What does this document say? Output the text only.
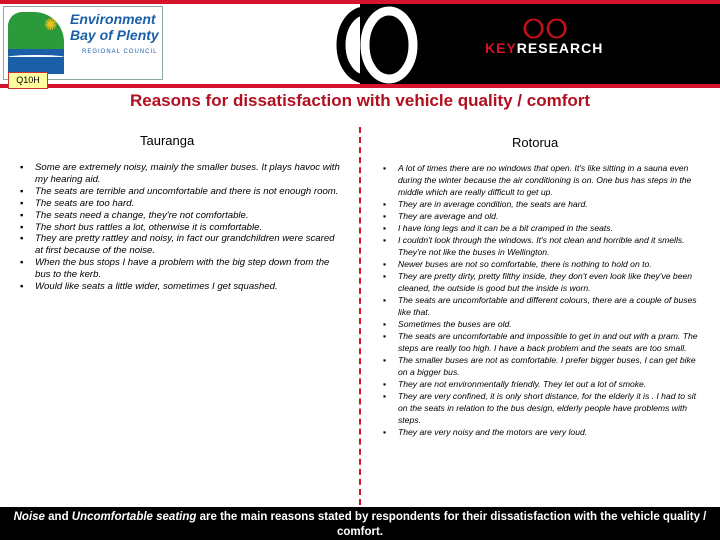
✺ Environment Bay of Plenty
REGIONAL COUNCIL
ⵔⵔ
KEYRESEARCH
Q10H
Reasons for dissatisfaction with vehicle quality / comfort
Tauranga	Rotorua
▪ Some are extremely noisy, mainly the smaller buses. It plays havoc with my hearing aid.
▪ The seats are terrible and uncomfortable and there is not enough room.
▪ The seats are too hard.
▪ The seats need a change, they're not comfortable.
▪ The short bus rattles a lot, otherwise it is comfortable.
▪ They are pretty rattley and noisy, in fact our grandchildren were scared at first because of the noise.
▪ When the bus stops I have a problem with the big step down from the bus to the kerb.
▪ Would like seats a little wider, sometimes I get squashed.
▪ A lot of times there are no windows that open. It's like sitting in a sauna even during the winter because the air conditioning is on. One bus has steps in the middle which are really difficult to get up.
▪ They are in average condition, the seats are hard.
▪ They are average and old.
▪ I have long legs and it can be a bit cramped in the seats.
▪ I couldn't look through the windows. It's not clean and horrible and it smells. They're not like the buses in Wellington.
▪ Newer buses are not so comfortable, there is nothing to hold on to.
▪ They are pretty dirty, pretty filthy inside, they don't even look like they've been cleaned, the outside is good but the inside is worn.
▪ The seats are uncomfortable and different colours, there are a couple of buses like that.
▪ Sometimes the buses are old.
▪ The seats are uncomfortable and impossible to get in and out with a pram. The steps are really too high. I have a back problem and the seats are too small.
▪ The smaller buses are not as comfortable. I prefer bigger buses, I can get bike on a bigger bus.
▪ They are not environmentally friendly. They let out a lot of smoke.
▪ They are very confined, it is only short distance, for the elderly it is . I had to sit on the seats in relation to the bus design, elderly people have problems with steps.
▪ They are very noisy and the motors are very loud.
Noise and Uncomfortable seating are the main reasons stated by respondents for their dissatisfaction with the vehicle quality / comfort.
